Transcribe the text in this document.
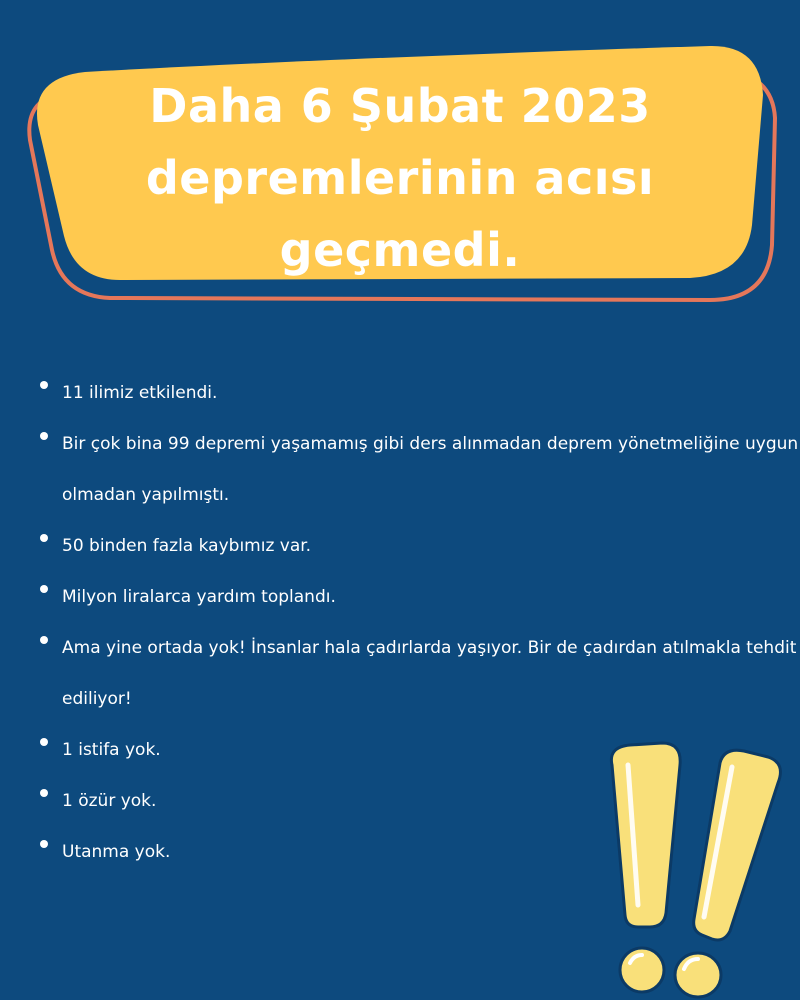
Daha 6 Şubat 2023
depremlerinin acısı
geçmedi.
11 ilimiz etkilendi.
Bir çok bina 99 depremi yaşamamış gibi ders alınmadan deprem yönetmeliğine uygun olmadan yapılmıştı.
50 binden fazla kaybımız var.
Milyon liralarca yardım toplandı.
Ama yine ortada yok! İnsanlar hala çadırlarda yaşıyor. Bir de çadırdan atılmakla tehdit ediliyor!
1 istifa yok.
1 özür yok.
Utanma yok.
